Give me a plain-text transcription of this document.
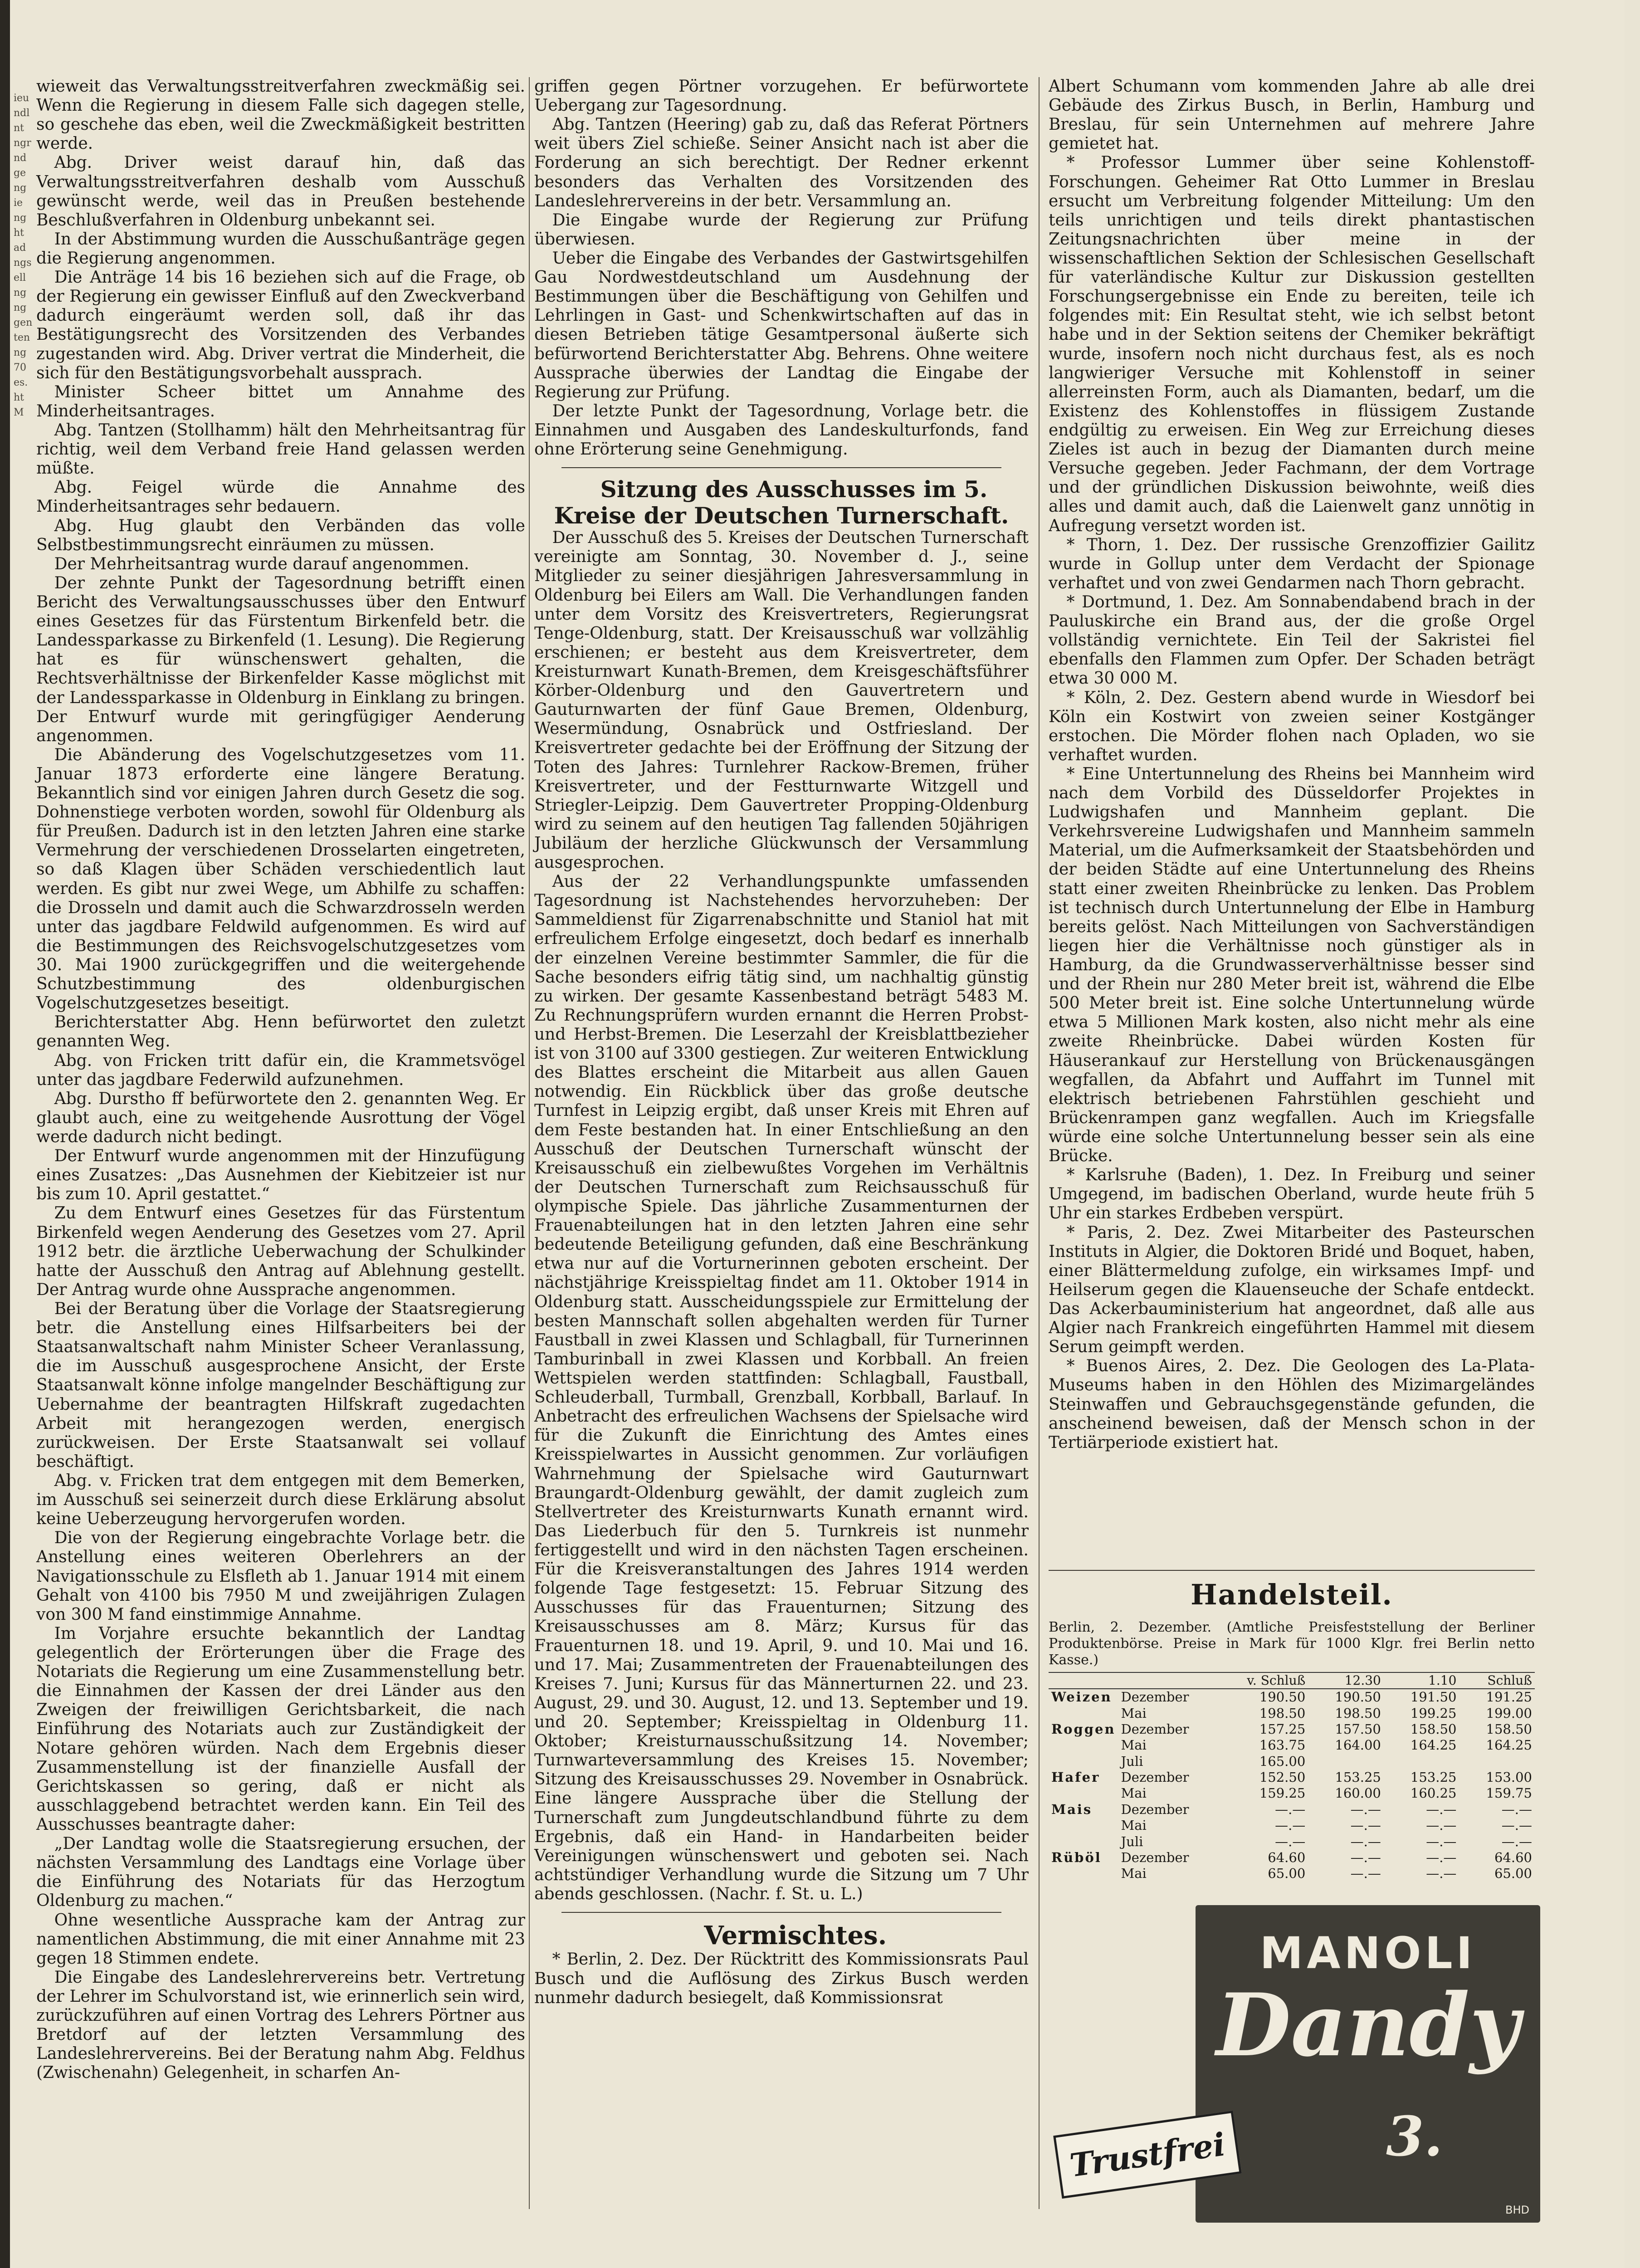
ieu ndl nt ngr nd ge ng ie ng ht ad ngs ell ng ng gen ten ng 70 es. ht M

wieweit das Verwaltungsstreitverfahren zweckmäßig sei. Wenn die Regierung in diesem Falle sich dagegen stelle, so geschehe das eben, weil die Zweckmäßigkeit bestritten werde.

Abg. Driver weist darauf hin, daß das Verwaltungsstreitverfahren deshalb vom Ausschuß gewünscht werde, weil das in Preußen bestehende Beschlußverfahren in Oldenburg unbekannt sei.

In der Abstimmung wurden die Ausschußanträge gegen die Regierung angenommen.

Die Anträge 14 bis 16 beziehen sich auf die Frage, ob der Regierung ein gewisser Einfluß auf den Zweckverband dadurch eingeräumt werden soll, daß ihr das Bestätigungsrecht des Vorsitzenden des Verbandes zugestanden wird. Abg. Driver vertrat die Minderheit, die sich für den Bestätigungsvorbehalt aussprach.

Minister Scheer bittet um Annahme des Minderheitsantrages.

Abg. Tantzen (Stollhamm) hält den Mehrheitsantrag für richtig, weil dem Verband freie Hand gelassen werden müßte.

Abg. Feigel würde die Annahme des Minderheitsantrages sehr bedauern.

Abg. Hug glaubt den Verbänden das volle Selbstbestimmungsrecht einräumen zu müssen.

Der Mehrheitsantrag wurde darauf angenommen.

Der zehnte Punkt der Tagesordnung betrifft einen Bericht des Verwaltungsausschusses über den Entwurf eines Gesetzes für das Fürstentum Birkenfeld betr. die Landessparkasse zu Birkenfeld (1. Lesung). Die Regierung hat es für wünschenswert gehalten, die Rechtsverhältnisse der Birkenfelder Kasse möglichst mit der Landessparkasse in Oldenburg in Einklang zu bringen. Der Entwurf wurde mit geringfügiger Aenderung angenommen.

Die Abänderung des Vogelschutzgesetzes vom 11. Januar 1873 erforderte eine längere Beratung. Bekanntlich sind vor einigen Jahren durch Gesetz die sog. Dohnenstiege verboten worden, sowohl für Oldenburg als für Preußen. Dadurch ist in den letzten Jahren eine starke Vermehrung der verschiedenen Drosselarten eingetreten, so daß Klagen über Schäden verschiedentlich laut werden. Es gibt nur zwei Wege, um Abhilfe zu schaffen: die Drosseln und damit auch die Schwarzdrosseln werden unter das jagdbare Feldwild aufgenommen. Es wird auf die Bestimmungen des Reichsvogelschutzgesetzes vom 30. Mai 1900 zurückgegriffen und die weitergehende Schutzbestimmung des oldenburgischen Vogelschutzgesetzes beseitigt.

Berichterstatter Abg. Henn befürwortet den zuletzt genannten Weg.

Abg. von Fricken tritt dafür ein, die Krammetsvögel unter das jagdbare Federwild aufzunehmen.

Abg. Durstho ff befürwortete den 2. genannten Weg. Er glaubt auch, eine zu weitgehende Ausrottung der Vögel werde dadurch nicht bedingt.

Der Entwurf wurde angenommen mit der Hinzufügung eines Zusatzes: „Das Ausnehmen der Kiebitzeier ist nur bis zum 10. April gestattet.“

Zu dem Entwurf eines Gesetzes für das Fürstentum Birkenfeld wegen Aenderung des Gesetzes vom 27. April 1912 betr. die ärztliche Ueberwachung der Schulkinder hatte der Ausschuß den Antrag auf Ablehnung gestellt. Der Antrag wurde ohne Aussprache angenommen.

Bei der Beratung über die Vorlage der Staatsregierung betr. die Anstellung eines Hilfsarbeiters bei der Staatsanwaltschaft nahm Minister Scheer Veranlassung, die im Ausschuß ausgesprochene Ansicht, der Erste Staatsanwalt könne infolge mangelnder Beschäftigung zur Uebernahme der beantragten Hilfskraft zugedachten Arbeit mit herangezogen werden, energisch zurückweisen. Der Erste Staatsanwalt sei vollauf beschäftigt.

Abg. v. Fricken trat dem entgegen mit dem Bemerken, im Ausschuß sei seinerzeit durch diese Erklärung absolut keine Ueberzeugung hervorgerufen worden.

Die von der Regierung eingebrachte Vorlage betr. die Anstellung eines weiteren Oberlehrers an der Navigationsschule zu Elsfleth ab 1. Januar 1914 mit einem Gehalt von 4100 bis 7950 M und zweijährigen Zulagen von 300 M fand einstimmige Annahme.

Im Vorjahre ersuchte bekanntlich der Landtag gelegentlich der Erörterungen über die Frage des Notariats die Regierung um eine Zusammenstellung betr. die Einnahmen der Kassen der drei Länder aus den Zweigen der freiwilligen Gerichtsbarkeit, die nach Einführung des Notariats auch zur Zuständigkeit der Notare gehören würden. Nach dem Ergebnis dieser Zusammenstellung ist der finanzielle Ausfall der Gerichtskassen so gering, daß er nicht als ausschlaggebend betrachtet werden kann. Ein Teil des Ausschusses beantragte daher:

„Der Landtag wolle die Staatsregierung ersuchen, der nächsten Versammlung des Landtags eine Vorlage über die Einführung des Notariats für das Herzogtum Oldenburg zu machen.“

Ohne wesentliche Aussprache kam der Antrag zur namentlichen Abstimmung, die mit einer Annahme mit 23 gegen 18 Stimmen endete.

Die Eingabe des Landeslehrervereins betr. Vertretung der Lehrer im Schulvorstand ist, wie erinnerlich sein wird, zurückzuführen auf einen Vortrag des Lehrers Pörtner aus Bretdorf auf der letzten Versammlung des Landeslehrervereins. Bei der Beratung nahm Abg. Feldhus (Zwischenahn) Gelegenheit, in scharfen An-

griffen gegen Pörtner vorzugehen. Er befürwortete Uebergang zur Tagesordnung.

Abg. Tantzen (Heering) gab zu, daß das Referat Pörtners weit übers Ziel schieße. Seiner Ansicht nach ist aber die Forderung an sich berechtigt. Der Redner erkennt besonders das Verhalten des Vorsitzenden des Landeslehrervereins in der betr. Versammlung an.

Die Eingabe wurde der Regierung zur Prüfung überwiesen.

Ueber die Eingabe des Verbandes der Gastwirtsgehilfen Gau Nordwestdeutschland um Ausdehnung der Bestimmungen über die Beschäftigung von Gehilfen und Lehrlingen in Gast- und Schenkwirtschaften auf das in diesen Betrieben tätige Gesamtpersonal äußerte sich befürwortend Berichterstatter Abg. Behrens. Ohne weitere Aussprache überwies der Landtag die Eingabe der Regierung zur Prüfung.

Der letzte Punkt der Tagesordnung, Vorlage betr. die Einnahmen und Ausgaben des Landeskulturfonds, fand ohne Erörterung seine Genehmigung.

Sitzung des Ausschusses im 5. Kreise der Deutschen Turnerschaft.

Der Ausschuß des 5. Kreises der Deutschen Turnerschaft vereinigte am Sonntag, 30. November d. J., seine Mitglieder zu seiner diesjährigen Jahresversammlung in Oldenburg bei Eilers am Wall. Die Verhandlungen fanden unter dem Vorsitz des Kreisvertreters, Regierungsrat Tenge-Oldenburg, statt. Der Kreisausschuß war vollzählig erschienen; er besteht aus dem Kreisvertreter, dem Kreisturnwart Kunath-Bremen, dem Kreisgeschäftsführer Körber-Oldenburg und den Gauvertretern und Gauturnwarten der fünf Gaue Bremen, Oldenburg, Wesermündung, Osnabrück und Ostfriesland. Der Kreisvertreter gedachte bei der Eröffnung der Sitzung der Toten des Jahres: Turnlehrer Rackow-Bremen, früher Kreisvertreter, und der Festturnwarte Witzgell und Striegler-Leipzig. Dem Gauvertreter Propping-Oldenburg wird zu seinem auf den heutigen Tag fallenden 50jährigen Jubiläum der herzliche Glückwunsch der Versammlung ausgesprochen.

Aus der 22 Verhandlungspunkte umfassenden Tagesordnung ist Nachstehendes hervorzuheben: Der Sammeldienst für Zigarrenabschnitte und Staniol hat mit erfreulichem Erfolge eingesetzt, doch bedarf es innerhalb der einzelnen Vereine bestimmter Sammler, die für die Sache besonders eifrig tätig sind, um nachhaltig günstig zu wirken. Der gesamte Kassenbestand beträgt 5483 M. Zu Rechnungsprüfern wurden ernannt die Herren Probst- und Herbst-Bremen. Die Leserzahl der Kreisblattbezieher ist von 3100 auf 3300 gestiegen. Zur weiteren Entwicklung des Blattes erscheint die Mitarbeit aus allen Gauen notwendig. Ein Rückblick über das große deutsche Turnfest in Leipzig ergibt, daß unser Kreis mit Ehren auf dem Feste bestanden hat. In einer Entschließung an den Ausschuß der Deutschen Turnerschaft wünscht der Kreisausschuß ein zielbewußtes Vorgehen im Verhältnis der Deutschen Turnerschaft zum Reichsausschuß für olympische Spiele. Das jährliche Zusammenturnen der Frauenabteilungen hat in den letzten Jahren eine sehr bedeutende Beteiligung gefunden, daß eine Beschränkung etwa nur auf die Vorturnerinnen geboten erscheint. Der nächstjährige Kreisspieltag findet am 11. Oktober 1914 in Oldenburg statt. Ausscheidungsspiele zur Ermittelung der besten Mannschaft sollen abgehalten werden für Turner Faustball in zwei Klassen und Schlagball, für Turnerinnen Tamburinball in zwei Klassen und Korbball. An freien Wettspielen werden stattfinden: Schlagball, Faustball, Schleuderball, Turmball, Grenzball, Korbball, Barlauf. In Anbetracht des erfreulichen Wachsens der Spielsache wird für die Zukunft die Einrichtung des Amtes eines Kreisspielwartes in Aussicht genommen. Zur vorläufigen Wahrnehmung der Spielsache wird Gauturnwart Braungardt-Oldenburg gewählt, der damit zugleich zum Stellvertreter des Kreisturnwarts Kunath ernannt wird. Das Liederbuch für den 5. Turnkreis ist nunmehr fertiggestellt und wird in den nächsten Tagen erscheinen. Für die Kreisveranstaltungen des Jahres 1914 werden folgende Tage festgesetzt: 15. Februar Sitzung des Ausschusses für das Frauenturnen; Sitzung des Kreisausschusses am 8. März; Kursus für das Frauenturnen 18. und 19. April, 9. und 10. Mai und 16. und 17. Mai; Zusammentreten der Frauenabteilungen des Kreises 7. Juni; Kursus für das Männerturnen 22. und 23. August, 29. und 30. August, 12. und 13. September und 19. und 20. September; Kreisspieltag in Oldenburg 11. Oktober; Kreisturnausschußsitzung 14. November; Turnwarteversammlung des Kreises 15. November; Sitzung des Kreisausschusses 29. November in Osnabrück. Eine längere Aussprache über die Stellung der Turnerschaft zum Jungdeutschlandbund führte zu dem Ergebnis, daß ein Hand- in Handarbeiten beider Vereinigungen wünschenswert und geboten sei. Nach achtstündiger Verhandlung wurde die Sitzung um 7 Uhr abends geschlossen. (Nachr. f. St. u. L.)

Vermischtes.

* Berlin, 2. Dez. Der Rücktritt des Kommissionsrats Paul Busch und die Auflösung des Zirkus Busch werden nunmehr dadurch besiegelt, daß Kommissionsrat

Albert Schumann vom kommenden Jahre ab alle drei Gebäude des Zirkus Busch, in Berlin, Hamburg und Breslau, für sein Unternehmen auf mehrere Jahre gemietet hat.

* Professor Lummer über seine Kohlenstoff-Forschungen. Geheimer Rat Otto Lummer in Breslau ersucht um Verbreitung folgender Mitteilung: Um den teils unrichtigen und teils direkt phantastischen Zeitungsnachrichten über meine in der wissenschaftlichen Sektion der Schlesischen Gesellschaft für vaterländische Kultur zur Diskussion gestellten Forschungsergebnisse ein Ende zu bereiten, teile ich folgendes mit: Ein Resultat steht, wie ich selbst betont habe und in der Sektion seitens der Chemiker bekräftigt wurde, insofern noch nicht durchaus fest, als es noch langwieriger Versuche mit Kohlenstoff in seiner allerreinsten Form, auch als Diamanten, bedarf, um die Existenz des Kohlenstoffes in flüssigem Zustande endgültig zu erweisen. Ein Weg zur Erreichung dieses Zieles ist auch in bezug der Diamanten durch meine Versuche gegeben. Jeder Fachmann, der dem Vortrage und der gründlichen Diskussion beiwohnte, weiß dies alles und damit auch, daß die Laienwelt ganz unnötig in Aufregung versetzt worden ist.

* Thorn, 1. Dez. Der russische Grenzoffizier Gailitz wurde in Gollup unter dem Verdacht der Spionage verhaftet und von zwei Gendarmen nach Thorn gebracht.

* Dortmund, 1. Dez. Am Sonnabendabend brach in der Pauluskirche ein Brand aus, der die große Orgel vollständig vernichtete. Ein Teil der Sakristei fiel ebenfalls den Flammen zum Opfer. Der Schaden beträgt etwa 30 000 M.

* Köln, 2. Dez. Gestern abend wurde in Wiesdorf bei Köln ein Kostwirt von zweien seiner Kostgänger erstochen. Die Mörder flohen nach Opladen, wo sie verhaftet wurden.

* Eine Untertunnelung des Rheins bei Mannheim wird nach dem Vorbild des Düsseldorfer Projektes in Ludwigshafen und Mannheim geplant. Die Verkehrsvereine Ludwigshafen und Mannheim sammeln Material, um die Aufmerksamkeit der Staatsbehörden und der beiden Städte auf eine Untertunnelung des Rheins statt einer zweiten Rheinbrücke zu lenken. Das Problem ist technisch durch Untertunnelung der Elbe in Hamburg bereits gelöst. Nach Mitteilungen von Sachverständigen liegen hier die Verhältnisse noch günstiger als in Hamburg, da die Grundwasserverhältnisse besser sind und der Rhein nur 280 Meter breit ist, während die Elbe 500 Meter breit ist. Eine solche Untertunnelung würde etwa 5 Millionen Mark kosten, also nicht mehr als eine zweite Rheinbrücke. Dabei würden Kosten für Häuserankauf zur Herstellung von Brückenausgängen wegfallen, da Abfahrt und Auffahrt im Tunnel mit elektrisch betriebenen Fahrstühlen geschieht und Brückenrampen ganz wegfallen. Auch im Kriegsfalle würde eine solche Untertunnelung besser sein als eine Brücke.

* Karlsruhe (Baden), 1. Dez. In Freiburg und seiner Umgegend, im badischen Oberland, wurde heute früh 5 Uhr ein starkes Erdbeben verspürt.

* Paris, 2. Dez. Zwei Mitarbeiter des Pasteurschen Instituts in Algier, die Doktoren Bridé und Boquet, haben, einer Blättermeldung zufolge, ein wirksames Impf- und Heilserum gegen die Klauenseuche der Schafe entdeckt. Das Ackerbauministerium hat angeordnet, daß alle aus Algier nach Frankreich eingeführten Hammel mit diesem Serum geimpft werden.

* Buenos Aires, 2. Dez. Die Geologen des La-Plata-Museums haben in den Höhlen des Mizimargeländes Steinwaffen und Gebrauchsgegenstände gefunden, die anscheinend beweisen, daß der Mensch schon in der Tertiärperiode existiert hat.

Handelsteil.

Berlin, 2. Dezember. (Amtliche Preisfeststellung der Berliner Produktenbörse. Preise in Mark für 1000 Klgr. frei Berlin netto Kasse.)

		v. Schluß	12.30	1.10	Schluß
Weizen	Dezember	190.50	190.50	191.50	191.25
	Mai	198.50	198.50	199.25	199.00
Roggen	Dezember	157.25	157.50	158.50	158.50
	Mai	163.75	164.00	164.25	164.25
	Juli	165.00			
Hafer	Dezember	152.50	153.25	153.25	153.00
	Mai	159.25	160.00	160.25	159.75
Mais	Dezember	—.—	—.—	—.—	—.—
	Mai	—.—	—.—	—.—	—.—
	Juli	—.—	—.—	—.—	—.—
Rüböl	Dezember	64.60	—.—	—.—	64.60
	Mai	65.00	—.—	—.—	65.00
MANOLI
Dandy
3.
BHD
Trustfrei
